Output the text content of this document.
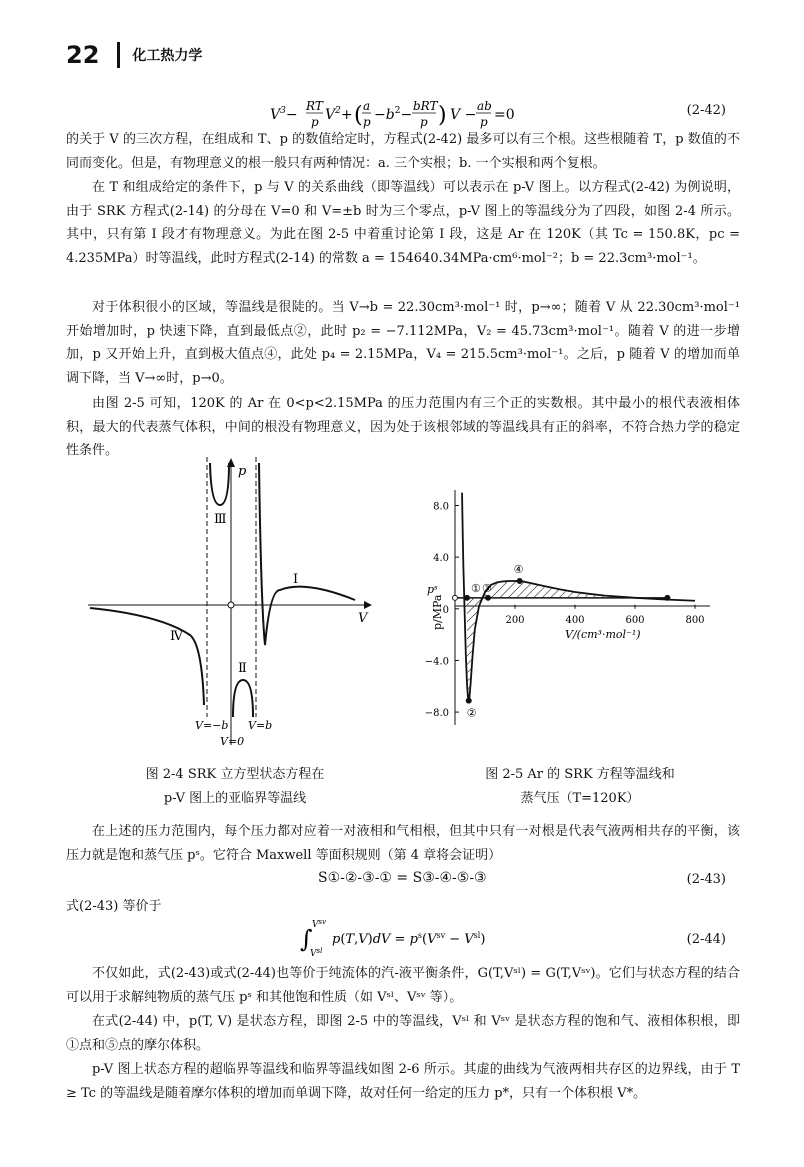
22 化工热力学
$V^3-$
RT
p $V^2+$ ( a
$p -b^2-$
bRT
p ) V −
ab
p =0	(2-42)
的关于 V 的三次方程，在组成和 T、p 的数值给定时，方程式(2-42) 最多可以有三个根。这些根随着 T，p 数值的不同而变化。但是，有物理意义的根一般只有两种情况：a. 三个实根；b. 一个实根和两个复根。
在 T 和组成给定的条件下，p 与 V 的关系曲线（即等温线）可以表示在 p-V 图上。以方程式(2-42) 为例说明，由于 SRK 方程式(2-14) 的分母在 V=0 和 V=±b 时为三个零点，p-V 图上的等温线分为了四段，如图 2-4 所示。其中，只有第 Ⅰ 段才有物理意义。为此在图 2-5 中着重讨论第 Ⅰ 段，这是 Ar 在 120K（其 Tc = 150.8K，pc = 4.235MPa）时等温线，此时方程式(2-14) 的常数 a = 154640.34MPa·cm⁶·mol⁻²；b = 22.3cm³·mol⁻¹。
对于体积很小的区域，等温线是很陡的。当 V→b = 22.30cm³·mol⁻¹ 时，p→∞；随着 V 从 22.30cm³·mol⁻¹ 开始增加时，p 快速下降，直到最低点②，此时 p₂ = −7.112MPa，V₂ = 45.73cm³·mol⁻¹。随着 V 的进一步增加，p 又开始上升，直到极大值点④，此处 p₄ = 2.15MPa，V₄ = 215.5cm³·mol⁻¹。之后，p 随着 V 的增加而单调下降，当 V→∞时，p→0。
由图 2-5 可知，120K 的 Ar 在 0<p<2.15MPa 的压力范围内有三个正的实数根。其中最小的根代表液相体积，最大的代表蒸气体积，中间的根没有物理意义，因为处于该根邻域的等温线具有正的斜率，不符合热力学的稳定性条件。
p
V
Ⅰ
Ⅱ
Ⅲ
Ⅳ
V=−b V=b
V=0
图 2-4 SRK 立方型状态方程在
p-V 图上的亚临界等温线
p/MPa
V/(cm³·mol⁻¹)
pˢ
8.0
4.0
0
−4.0
−8.0
200	400	600	800
①
②
③
④
图 2-5 Ar 的 SRK 方程等温线和
蒸气压（T=120K）
在上述的压力范围内，每个压力都对应着一对液相和气相根，但其中只有一对根是代表气液两相共存的平衡，该压力就是饱和蒸气压 pˢ。它符合 Maxwell 等面积规则（第 4 章将会证明）
S①-②-③-① = S③-④-⑤-③	(2-43)
式(2-43) 等价于
∫ $V^{sv}$
$V^{sl}$
$p(T,V)dV = p^s(V^{sv} - V^{sl})$	(2-44)
不仅如此，式(2-43)或式(2-44)也等价于纯流体的汽-液平衡条件，G(T,Vˢˡ) = G(T,Vˢᵛ)。它们与状态方程的结合可以用于求解纯物质的蒸气压 pˢ 和其他饱和性质（如 Vˢˡ、Vˢᵛ 等）。
在式(2-44) 中，p(T, V) 是状态方程，即图 2-5 中的等温线，Vˢˡ 和 Vˢᵛ 是状态方程的饱和气、液相体积根，即①点和⑤点的摩尔体积。
p-V 图上状态方程的超临界等温线和临界等温线如图 2-6 所示。其虚的曲线为气液两相共存区的边界线，由于 T ≥ Tc 的等温线是随着摩尔体积的增加而单调下降，故对任何一给定的压力 p*，只有一个体积根 V*。
